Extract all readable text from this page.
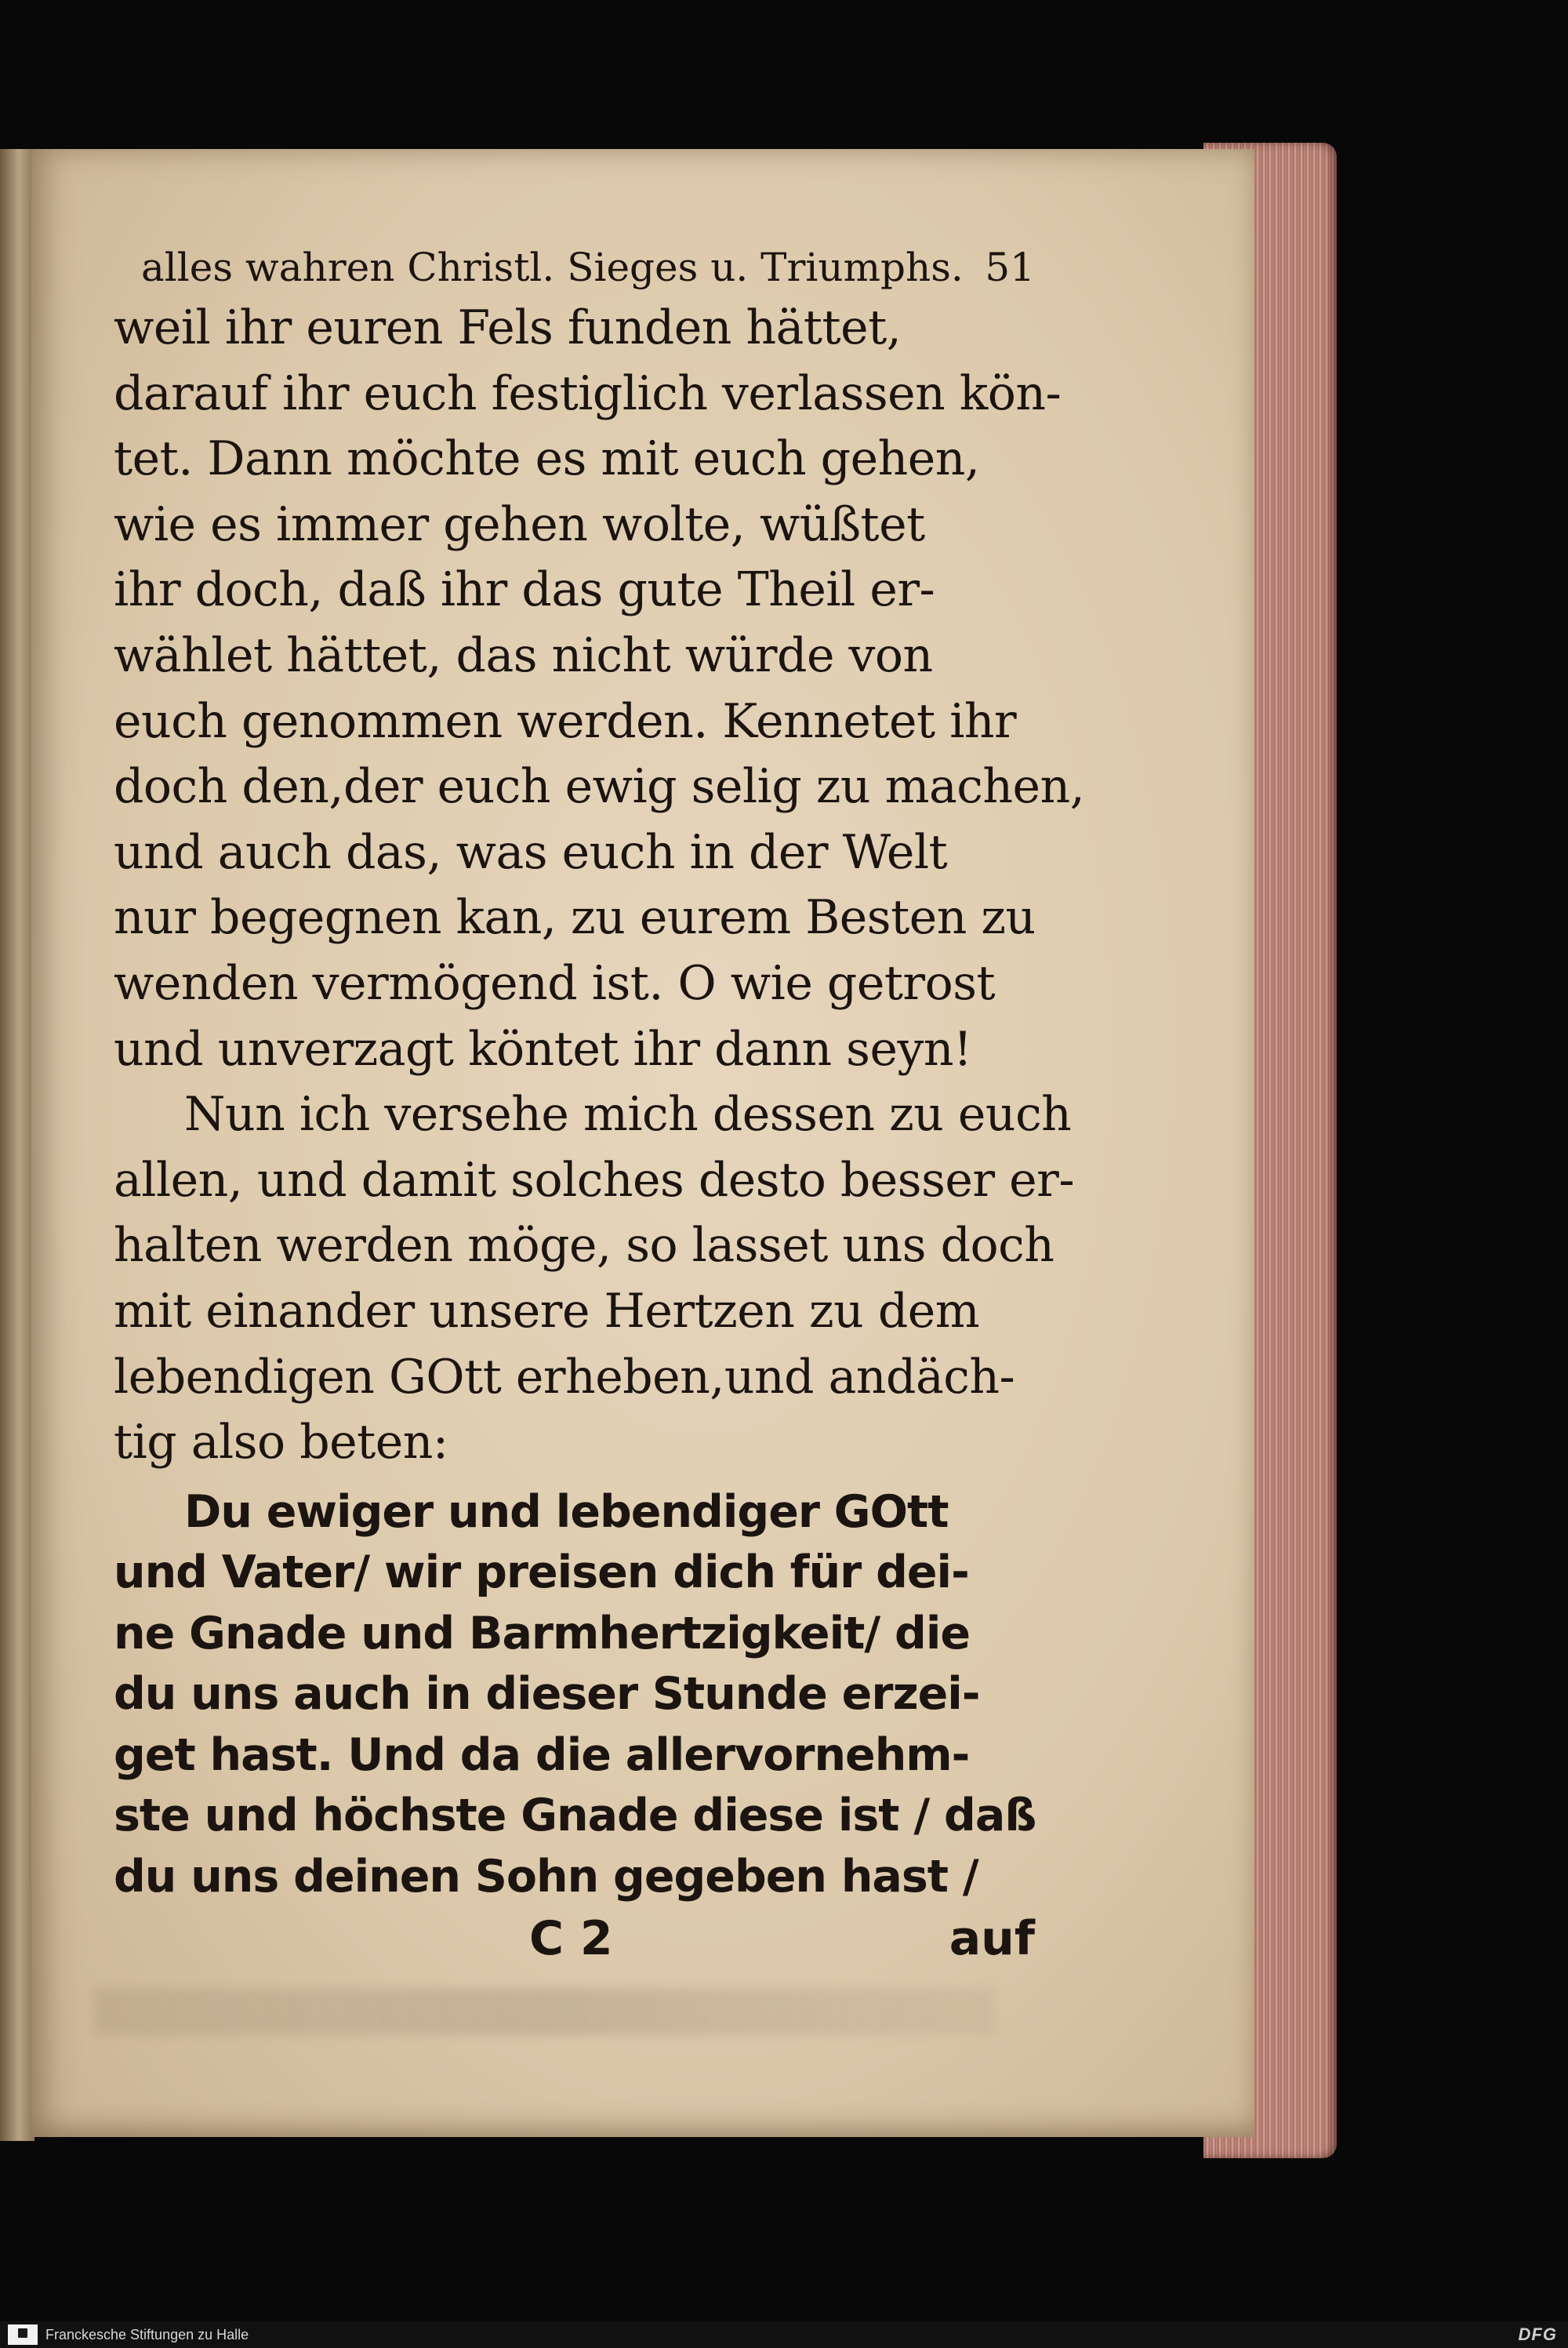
alles wahren Christl. Sieges u. Triumphs. 51
weil ihr euren Fels funden hättet,
darauf ihr euch festiglich verlassen kön-
tet. Dann möchte es mit euch gehen,
wie es immer gehen wolte, wüßtet
ihr doch, daß ihr das gute Theil er-
wählet hättet, das nicht würde von
euch genommen werden. Kennetet ihr
doch den,der euch ewig selig zu machen,
und auch das, was euch in der Welt
nur begegnen kan, zu eurem Besten zu
wenden vermögend ist. O wie getrost
und unverzagt köntet ihr dann seyn!
Nun ich versehe mich dessen zu euch
allen, und damit solches desto besser er-
halten werden möge, so lasset uns doch
mit einander unsere Hertzen zu dem
lebendigen GOtt erheben,und andäch-
tig also beten:
Du ewiger und lebendiger GOtt
und Vater/ wir preisen dich für dei-
ne Gnade und Barmhertzigkeit/ die
du uns auch in dieser Stunde erzei-
get hast. Und da die allervornehm-
ste und höchste Gnade diese ist / daß
du uns deinen Sohn gegeben hast /
C 2	auf
Franckesche Stiftungen zu Halle	DFG
